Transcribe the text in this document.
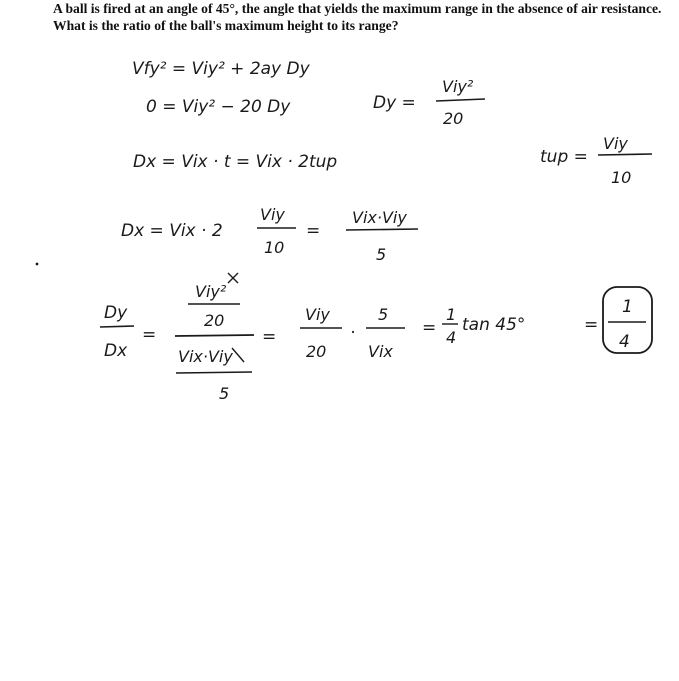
A ball is fired at an angle of 45°, the angle that yields the maximum range in the absence of air resistance. What is the ratio of the ball's maximum height to its range?
Vfy² = Viy² + 2ay Dy
0 = Viy² − 20 Dy	Dy =
Viy²
20
Dx = Vix · t = Vix · 2tup	tup =
Viy
10
Dx = Vix · 2
Viy
10
=
Vix·Viy
5
Dy
Dx
=
Viy²
20
Vix·Viy
5
=
Viy
20
·
5
Vix
=
1
4
tan 45°	=
1
4
